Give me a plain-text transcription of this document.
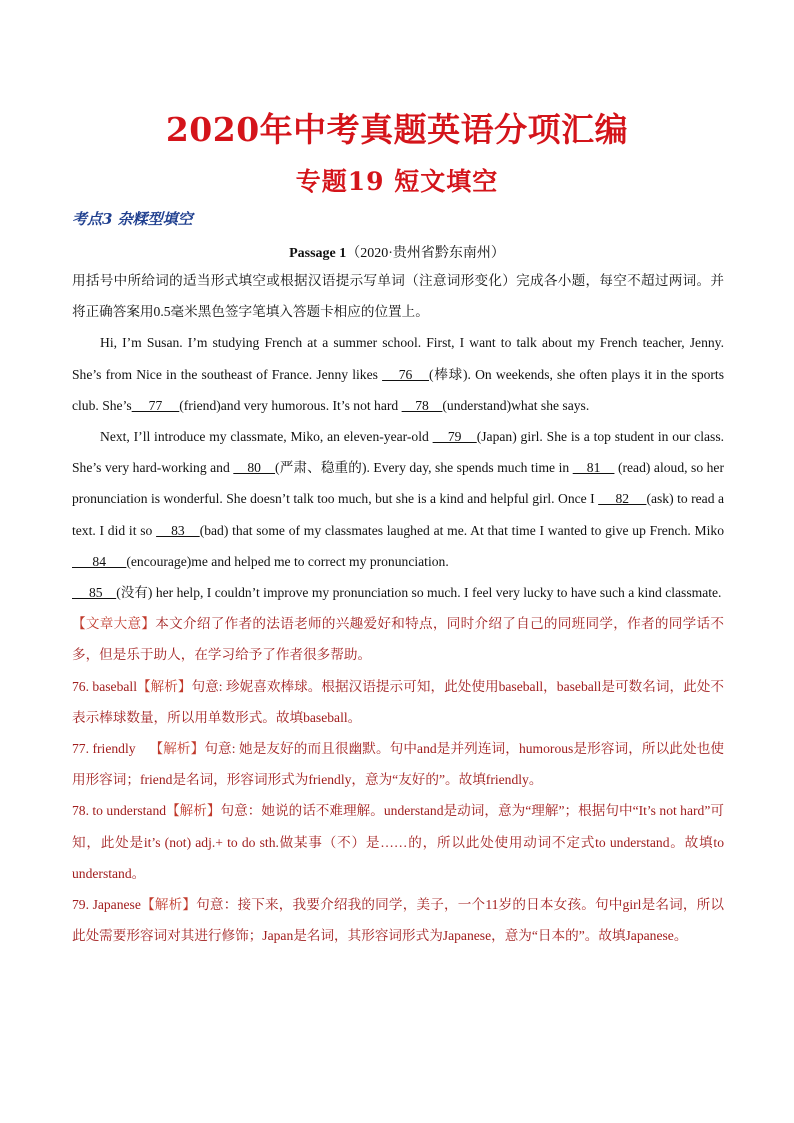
2020年中考真题英语分项汇编
专题19 短文填空
考点3 杂糅型填空
Passage 1（2020·贵州省黔东南州）

用括号中所给词的适当形式填空或根据汉语提示写单词（注意词形变化）完成各小题，每空不超过两词。并将正确答案用0.5毫米黑色签字笔填入答题卡相应的位置上。

Hi, I’m Susan. I’m studying French at a summer school. First, I want to talk about my French teacher, Jenny. She’s from Nice in the southeast of France. Jenny likes     76    (棒球). On weekends, she often plays it in the sports club. She’s     77     (friend)and very humorous. It’s not hard     78    (understand)what she says.

Next, I’ll introduce my classmate, Miko, an eleven-year-old     79    (Japan) girl. She is a top student in our class. She’s very hard-working and     80    (严肃、稳重的). Every day, she spends much time in     81     (read) aloud, so her pronunciation is wonderful. She doesn’t talk too much, but she is a kind and helpful girl. Once I      82     (ask) to read a text. I did it so     83    (bad) that some of my classmates laughed at me. At that time I wanted to give up French. Miko       84      (encourage)me and helped me to correct my pronunciation.
85    (没有) her help, I couldn’t improve my pronunciation so much. I feel very lucky to have such a kind classmate.

【文章大意】本文介绍了作者的法语老师的兴趣爱好和特点，同时介绍了自己的同班同学，作者的同学话不多，但是乐于助人，在学习给予了作者很多帮助。

76. baseball【解析】句意: 珍妮喜欢棒球。根据汉语提示可知，此处使用baseball，baseball是可数名词，此处不表示棒球数量，所以用单数形式。故填baseball。

77. friendly    【解析】句意: 她是友好的而且很幽默。句中and是并列连词，humorous是形容词，所以此处也使用形容词；friend是名词，形容词形式为friendly，意为“友好的”。故填friendly。

78. to understand【解析】句意：她说的话不难理解。understand是动词，意为“理解”；根据句中“It’s not hard”可知，此处是it’s (not) adj.+ to do sth.做某事（不）是……的，所以此处使用动词不定式to understand。故填to understand。

79. Japanese【解析】句意：接下来，我要介绍我的同学，美子，一个11岁的日本女孩。句中girl是名词，所以此处需要形容词对其进行修饰；Japan是名词，其形容词形式为Japanese，意为“日本的”。故填Japanese。
